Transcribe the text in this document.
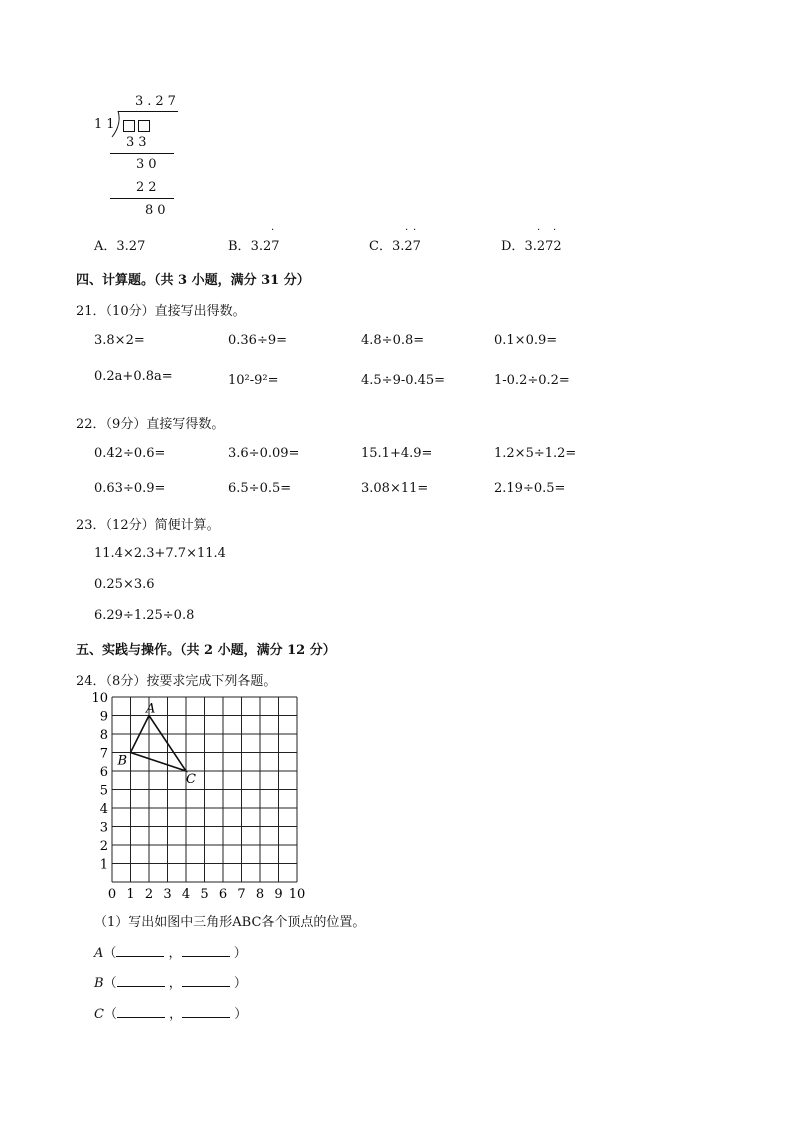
3.27
11
33
30
22
80
A．3.27	B．3.27
·
C．3.27
· ·
D．3.272
· ·
四、计算题。（共 3 小题，满分 31 分）
21．（10分）直接写出得数。
3.8×2=	0.36÷9=	4.8÷0.8=	0.1×0.9=
0.2a+0.8a=	10²-9²=	4.5÷9-0.45=	1-0.2÷0.2=
22．（9分）直接写得数。
0.42÷0.6=	3.6÷0.09=	15.1+4.9=	1.2×5÷1.2=
0.63÷0.9=	6.5÷0.5=	3.08×11=	2.19÷0.5=
23．（12分）简便计算。
11.4×2.3+7.7×11.4
0.25×3.6
6.29÷1.25÷0.8
五、实践与操作。（共 2 小题，满分 12 分）
24．（8分）按要求完成下列各题。
0 1 2 3 4 5 6 7 8 9 10
1
2
3
4
5
6
7
8
9
10
A
B
C
（1）写出如图中三角形ABC各个顶点的位置。
A（	，	）
B（	，	）
C（	，	）
